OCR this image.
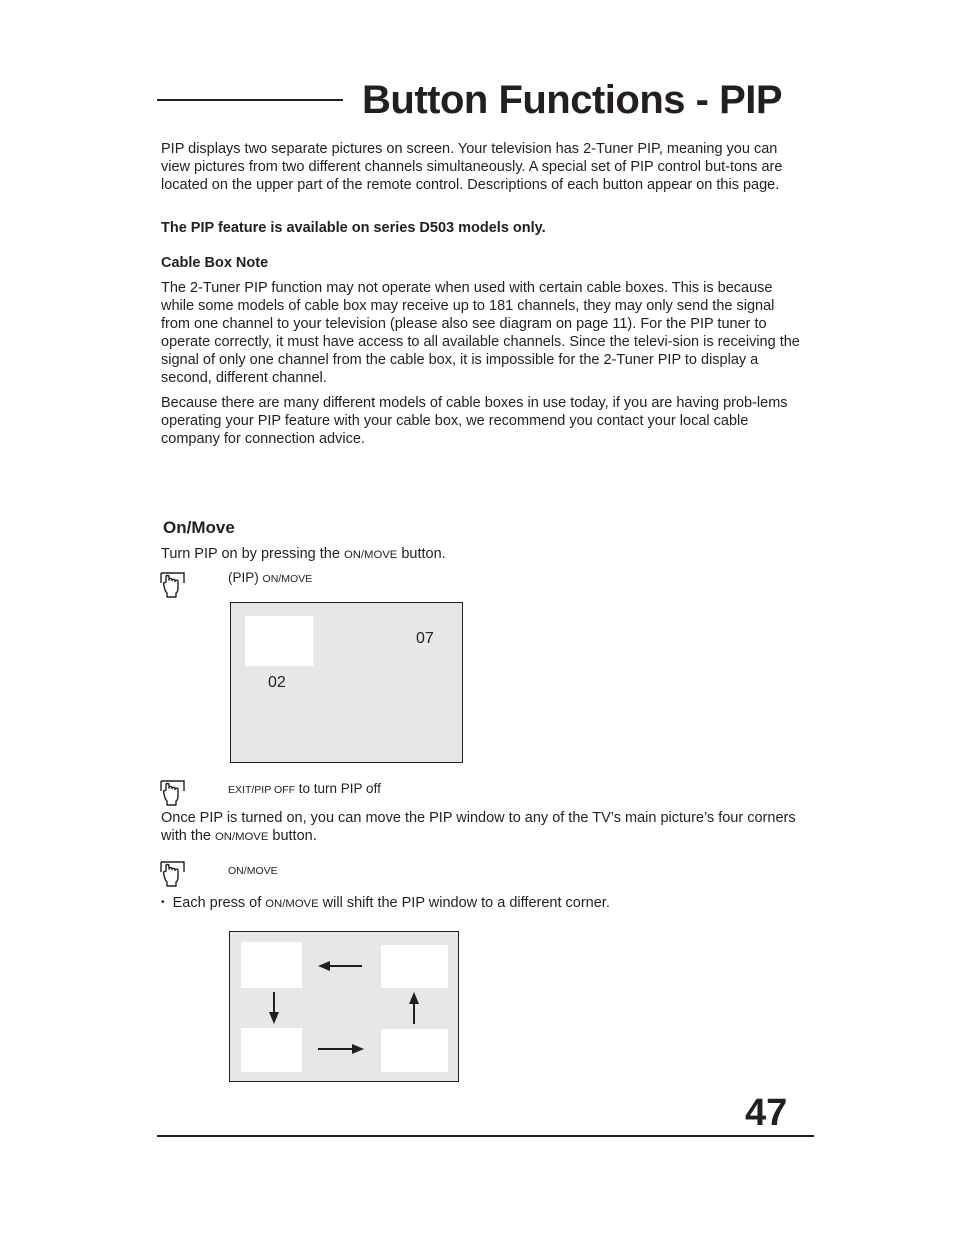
Button Functions - PIP

PIP displays two separate pictures on screen. Your television has 2-Tuner PIP, meaning you can view pictures from two different channels simultaneously. A special set of PIP control but-tons are located on the upper part of the remote control. Descriptions of each button appear on this page.

The PIP feature is available on series D503 models only.

Cable Box Note

The 2-Tuner PIP function may not operate when used with certain cable boxes. This is because while some models of cable box may receive up to 181 channels, they may only send the signal from one channel to your television (please also see diagram on page 11). For the PIP tuner to operate correctly, it must have access to all available channels. Since the televi-sion is receiving the signal of only one channel from the cable box, it is impossible for the 2-Tuner PIP to display a second, different channel.

Because there are many different models of cable boxes in use today, if you are having prob-lems operating your PIP feature with your cable box, we recommend you contact your local cable company for connection advice.

On/Move

Turn PIP on by pressing the ON/MOVE button.

(PIP) ON/MOVE
07
02
EXIT/PIP OFF to turn PIP off

Once PIP is turned on, you can move the PIP window to any of the TV’s main picture’s four corners with the ON/MOVE button.

ON/MOVE

• Each press of ON/MOVE will shift the PIP window to a different corner.

47
